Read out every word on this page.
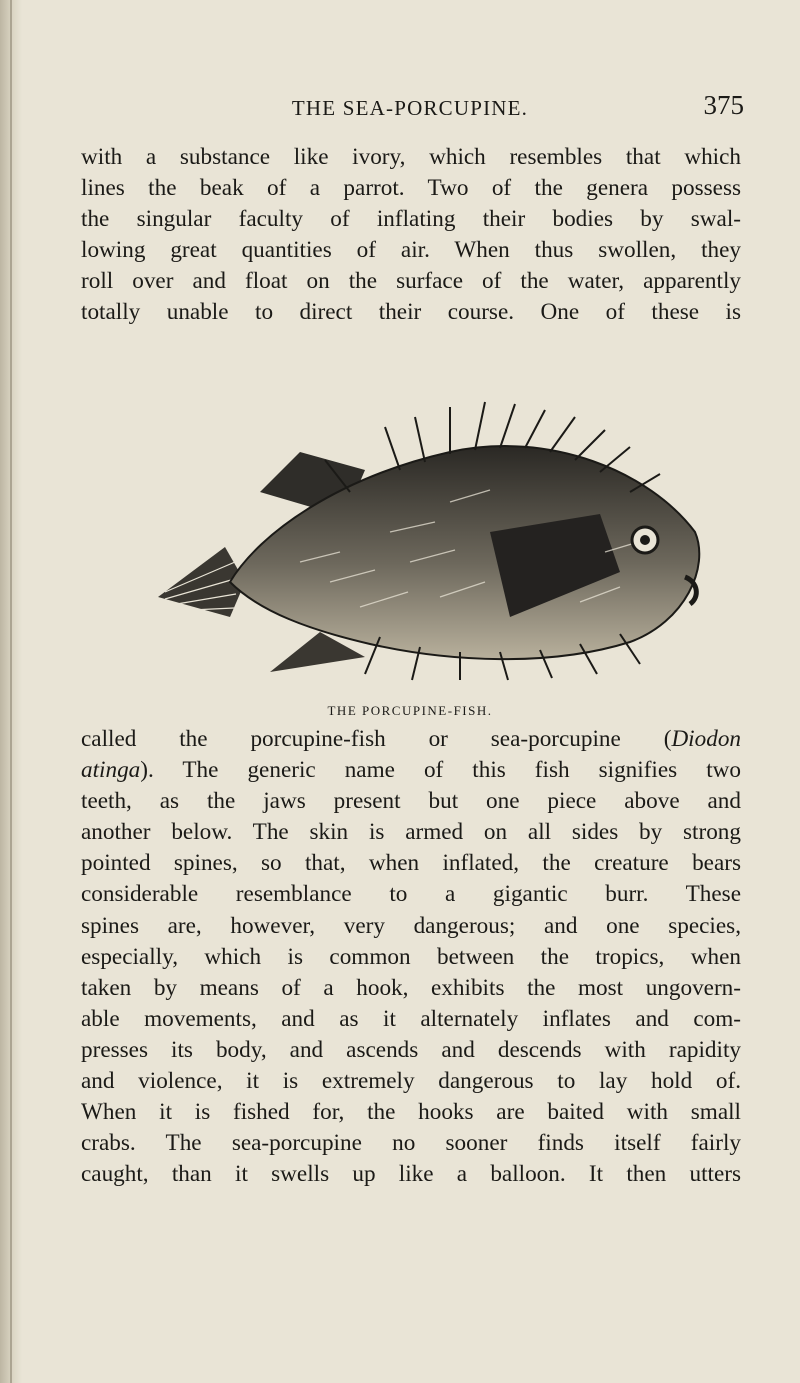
THE SEA-PORCUPINE.	375
with a substance like ivory, which resembles that which
lines the beak of a parrot. Two of the genera possess
the singular faculty of inflating their bodies by swal-
lowing great quantities of air. When thus swollen, they
roll over and float on the surface of the water, apparently
totally unable to direct their course. One of these is
THE PORCUPINE-FISH.
called the porcupine-fish or sea-porcupine (Diodon
atinga). The generic name of this fish signifies two
teeth, as the jaws present but one piece above and
another below. The skin is armed on all sides by strong
pointed spines, so that, when inflated, the creature bears
considerable resemblance to a gigantic burr. These
spines are, however, very dangerous; and one species,
especially, which is common between the tropics, when
taken by means of a hook, exhibits the most ungovern-
able movements, and as it alternately inflates and com-
presses its body, and ascends and descends with rapidity
and violence, it is extremely dangerous to lay hold of.
When it is fished for, the hooks are baited with small
crabs. The sea-porcupine no sooner finds itself fairly
caught, than it swells up like a balloon. It then utters
